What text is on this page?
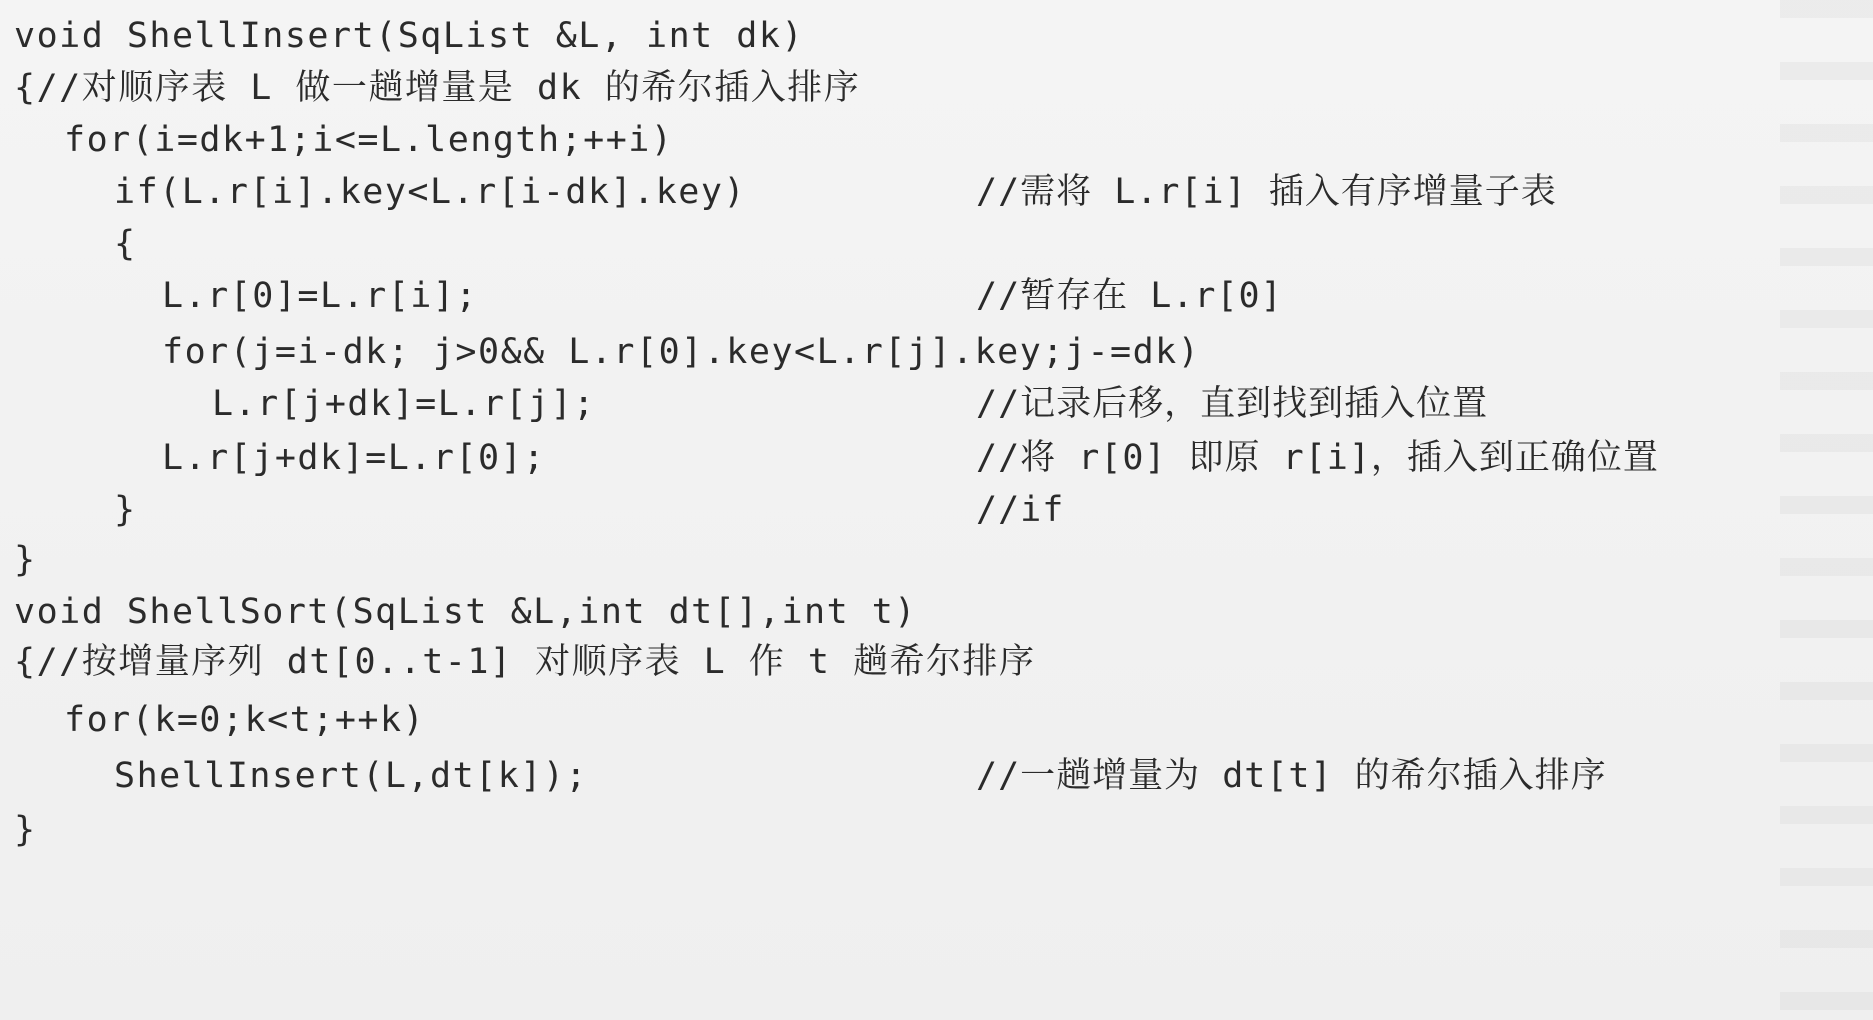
void ShellInsert(SqList &L, int dk)
{//对顺序表 L 做一趟增量是 dk 的希尔插入排序
for(i=dk+1;i<=L.length;++i)
if(L.r[i].key<L.r[i-dk].key)	//需将 L.r[i] 插入有序增量子表
{
L.r[0]=L.r[i];	//暂存在 L.r[0]
for(j=i-dk; j>0&& L.r[0].key<L.r[j].key;j-=dk)
L.r[j+dk]=L.r[j];	//记录后移，直到找到插入位置
L.r[j+dk]=L.r[0];	//将 r[0] 即原 r[i]，插入到正确位置
}	//if
}
void ShellSort(SqList &L,int dt[],int t)
{//按增量序列 dt[0..t-1] 对顺序表 L 作 t 趟希尔排序
for(k=0;k<t;++k)
ShellInsert(L,dt[k]);	//一趟增量为 dt[t] 的希尔插入排序
}
